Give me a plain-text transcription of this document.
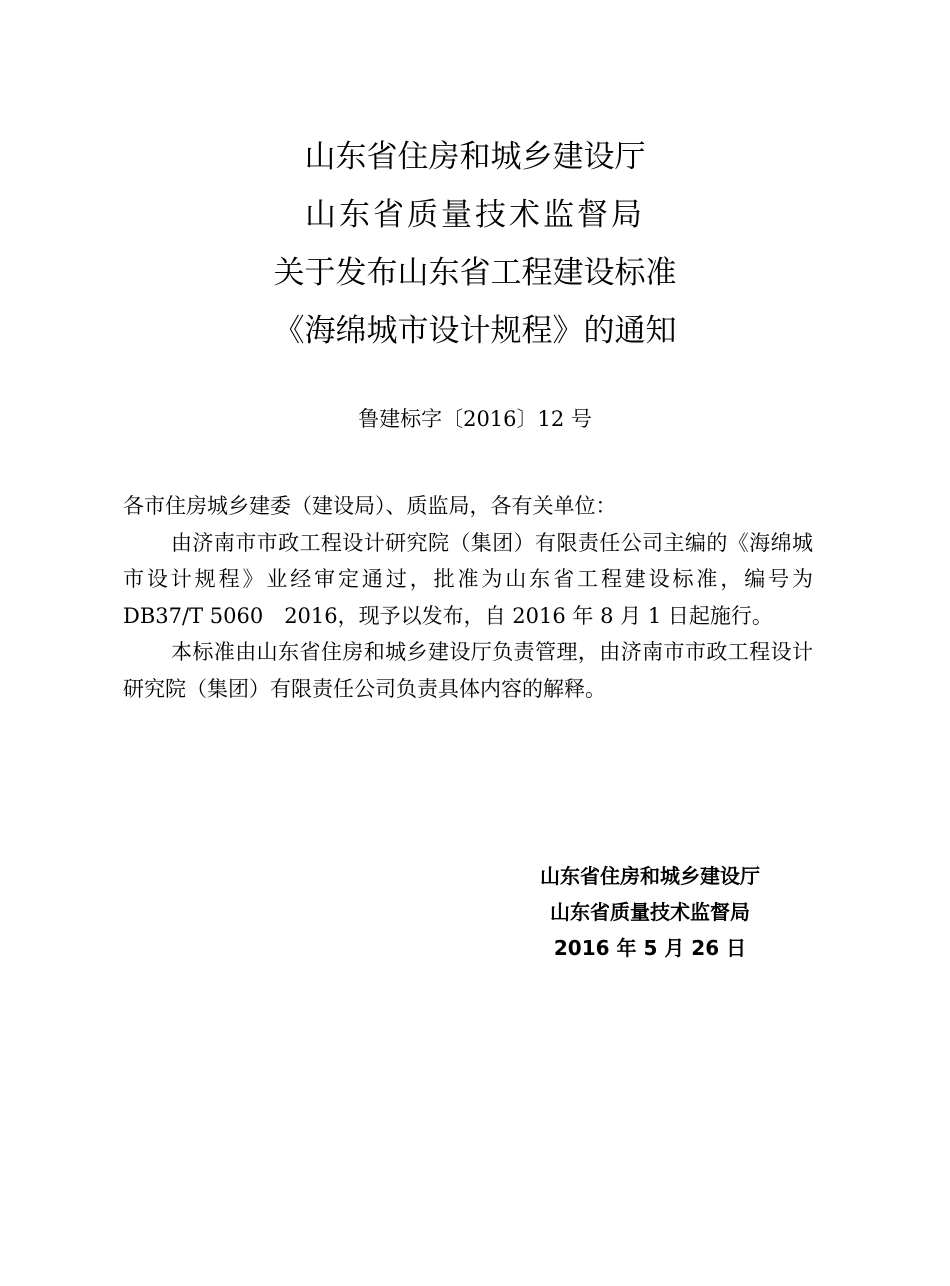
山东省住房和城乡建设厅
山东省质量技术监督局
关于发布山东省工程建设标准
《海绵城市设计规程》的通知
鲁建标字〔2016〕12 号
各市住房城乡建委（建设局）、质监局，各有关单位：
由济南市市政工程设计研究院（集团）有限责任公司主编的《海绵城市设计规程》业经审定通过，批准为山东省工程建设标准，编号为 DB37/T 5060　2016，现予以发布，自 2016 年 8 月 1 日起施行。
本标准由山东省住房和城乡建设厅负责管理，由济南市市政工程设计研究院（集团）有限责任公司负责具体内容的解释。
山东省住房和城乡建设厅
山东省质量技术监督局
2016 年 5 月 26 日
